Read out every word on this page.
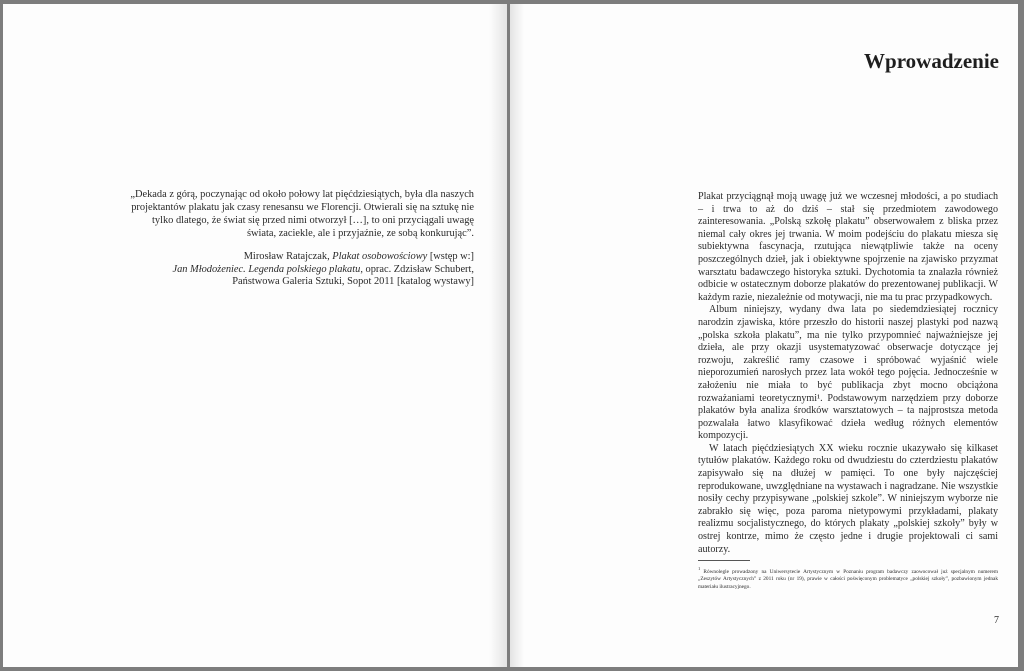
„Dekada z górą, poczynając od około połowy lat pięćdziesiątych, była dla naszych projektantów plakatu jak czasy renesansu we Florencji. Otwierali się na sztukę nie tylko dlatego, że świat się przed nimi otworzył […], to oni przyciągali uwagę świata, zaciekle, ale i przyjaźnie, ze sobą konkurując”.

Mirosław Ratajczak, Plakat osobowościowy [wstęp w:]
Jan Młodożeniec. Legenda polskiego plakatu, oprac. Zdzisław Schubert, Państwowa Galeria Sztuki, Sopot 2011 [katalog wystawy]

Wprowadzenie

Plakat przyciągnął moją uwagę już we wczesnej młodości, a po studiach – i trwa to aż do dziś – stał się przedmiotem zawodowego zainteresowania. „Polską szkołę plakatu” obserwowałem z bliska przez niemal cały okres jej trwania. W moim podejściu do plakatu miesza się subiektywna fascynacja, rzutująca niewątpliwie także na oceny poszczególnych dzieł, jak i obiektywne spojrzenie na zjawisko przyzmat warsztatu badawczego historyka sztuki. Dychotomia ta znalazła również odbicie w ostatecznym doborze plakatów do prezentowanej publikacji. W każdym razie, niezależnie od motywacji, nie ma tu prac przypadkowych.

Album niniejszy, wydany dwa lata po siedemdziesiątej rocznicy narodzin zjawiska, które przeszło do historii naszej plastyki pod nazwą „polska szkoła plakatu”, ma nie tylko przypomnieć najważniejsze jej dzieła, ale przy okazji usystematyzować obserwacje dotyczące jej rozwoju, zakreślić ramy czasowe i spróbować wyjaśnić wiele nieporozumień narosłych przez lata wokół tego pojęcia. Jednocześnie w założeniu nie miała to być publikacja zbyt mocno obciążona rozważaniami teoretycznymi¹. Podstawowym narzędziem przy doborze plakatów była analiza środków warsztatowych – ta najprostsza metoda pozwalała łatwo klasyfikować dzieła według różnych elementów kompozycji.

W latach pięćdziesiątych XX wieku rocznie ukazywało się kilkaset tytułów plakatów. Każdego roku od dwudziestu do czterdziestu plakatów zapisywało się na dłużej w pamięci. To one były najczęściej reprodukowane, uwzględniane na wystawach i nagradzane. Nie wszystkie nosiły cechy przypisywane „polskiej szkole”. W niniejszym wyborze nie zabrakło się więc, poza paroma nietypowymi przykładami, plakaty realizmu socjalistycznego, do których plakaty „polskiej szkoły” były w ostrej kontrze, mimo że często jedne i drugie projektowali ci sami autorzy.

$^1$ Równolegle prowadzony na Uniwersytecie Artystycznym w Poznaniu program badawczy zaowocował już specjalnym numerem „Zeszytów Artystycznych” z 2011 roku (nr 19), prawie w całości poświęconym problematyce „polskiej szkoły”, pozbawionym jednak materiału ilustracyjnego.
7
